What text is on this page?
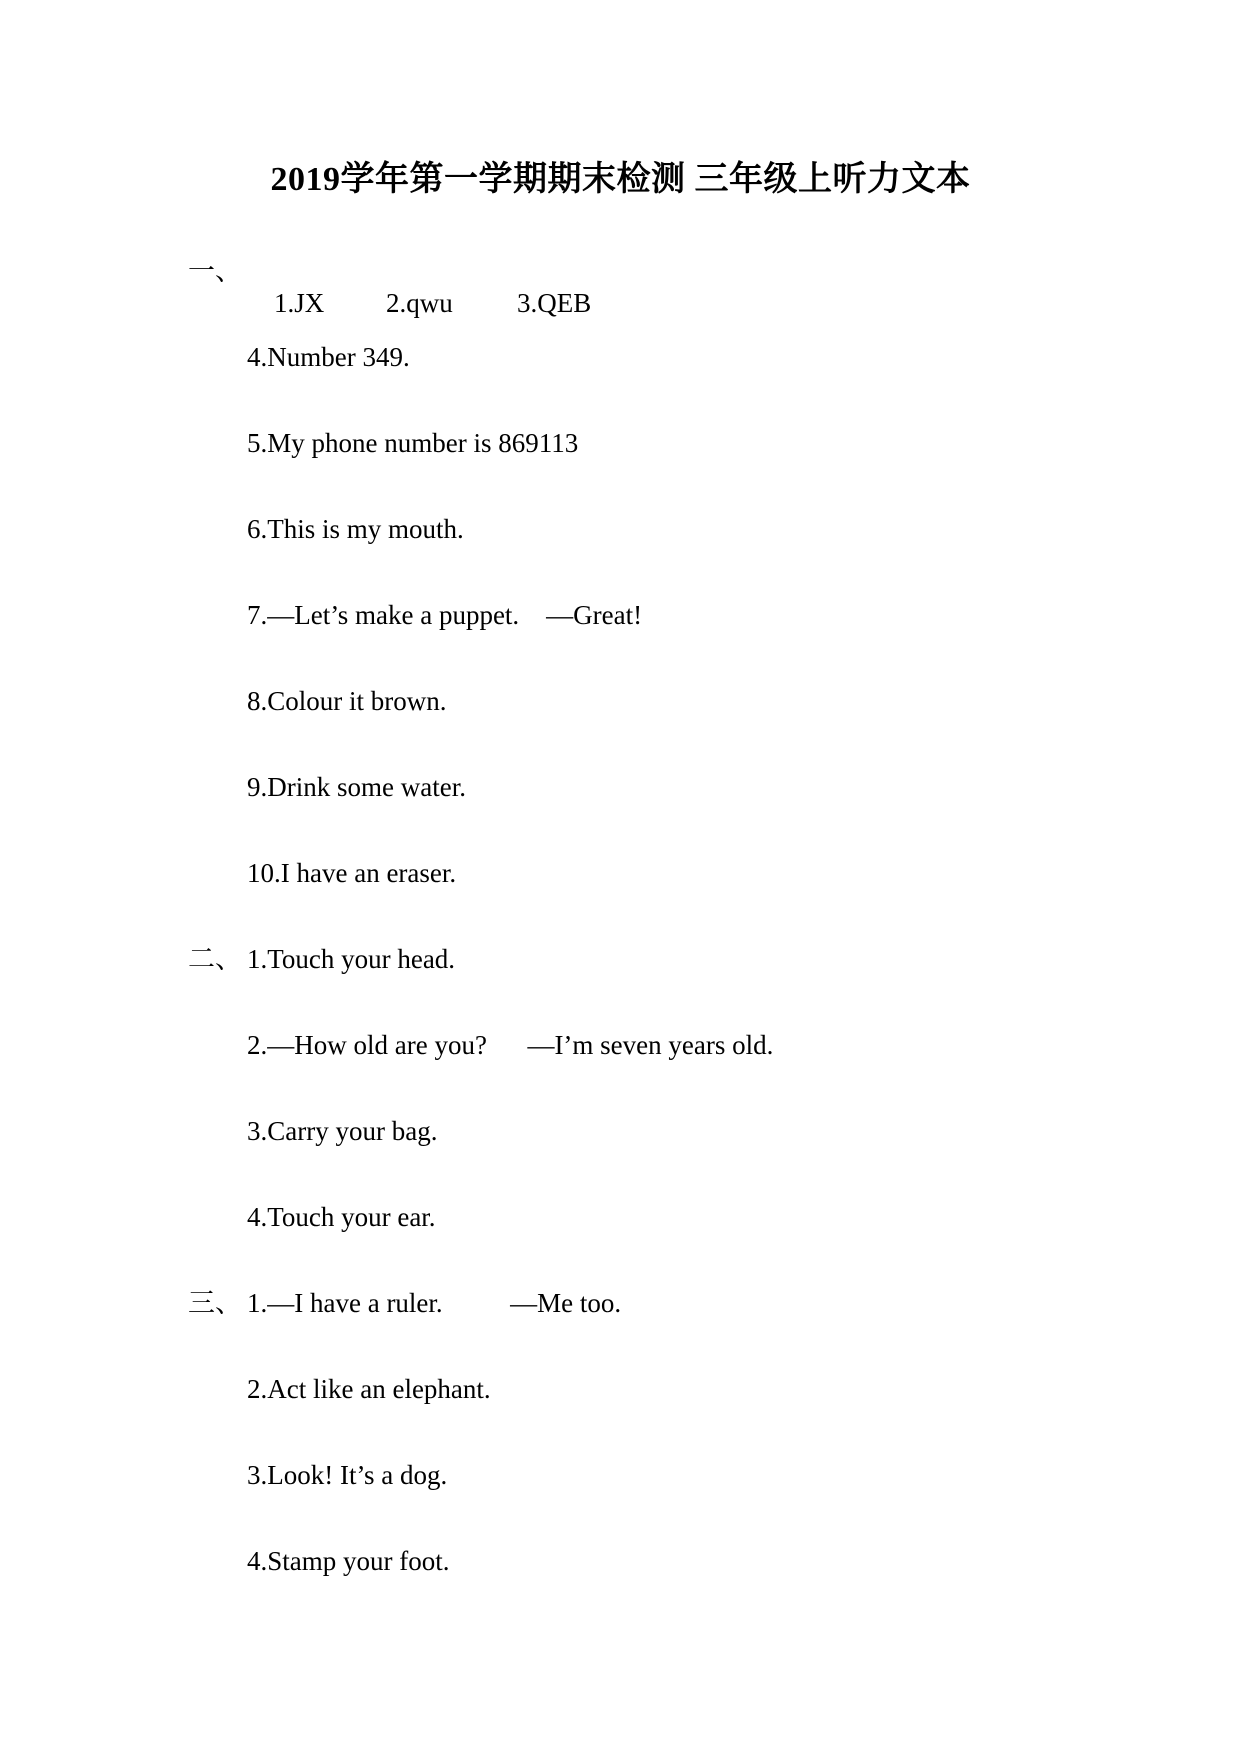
2019学年第一学期期末检测 三年级上听力文本
一、

1.JX 2.qwu 3.QEB

4.Number 349.
5.My phone number is 869113
6.This is my mouth.
7.—Let’s make a puppet.    —Great!
8.Colour it brown.
9.Drink some water.
10.I have an eraser.
二、 1.Touch your head.
2.—How old are you?      —I’m seven years old.
3.Carry your bag.
4.Touch your ear.
三、 1.—I have a ruler.          —Me too.
2.Act like an elephant.
3.Look! It’s a dog.
4.Stamp your foot.
